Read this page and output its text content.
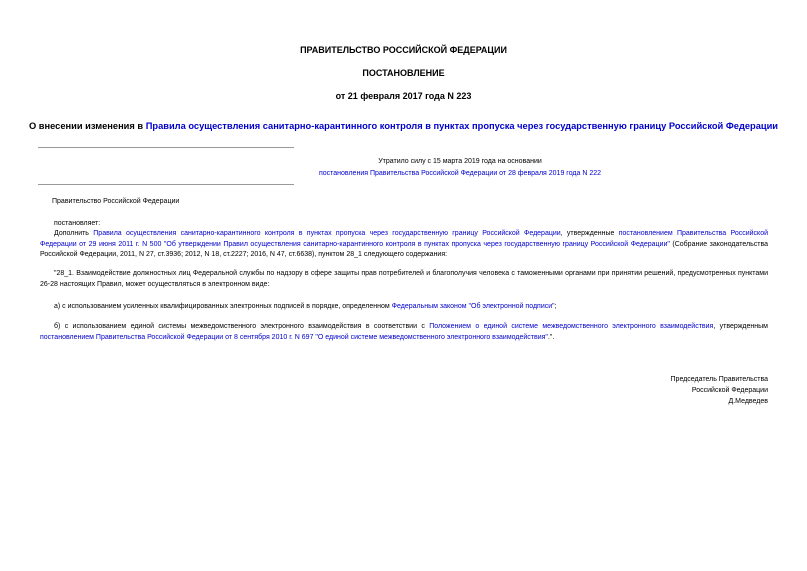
ПРАВИТЕЛЬСТВО РОССИЙСКОЙ ФЕДЕРАЦИИ
ПОСТАНОВЛЕНИЕ
от 21 февраля 2017 года N 223
О внесении изменения в Правила осуществления санитарно-карантинного контроля в пунктах пропуска через государственную границу Российской Федерации
Утратило силу с 15 марта 2019 года на основании
постановления Правительства Российской Федерации от 28 февраля 2019 года N 222
Правительство Российской Федерации
постановляет:
Дополнить Правила осуществления санитарно-карантинного контроля в пунктах пропуска через государственную границу Российской Федерации, утвержденные постановлением Правительства Российской Федерации от 29 июня 2011 г. N 500 "Об утверждении Правил осуществления санитарно-карантинного контроля в пунктах пропуска через государственную границу Российской Федерации" (Собрание законодательства Российской Федерации, 2011, N 27, ст.3936; 2012, N 18, ст.2227; 2016, N 47, ст.6638), пунктом 28_1 следующего содержания:
"28_1. Взаимодействие должностных лиц Федеральной службы по надзору в сфере защиты прав потребителей и благополучия человека с таможенными органами при принятии решений, предусмотренных пунктами 26-28 настоящих Правил, может осуществляться в электронном виде:
а) с использованием усиленных квалифицированных электронных подписей в порядке, определенном Федеральным законом "Об электронной подписи";
б) с использованием единой системы межведомственного электронного взаимодействия в соответствии с Положением о единой системе межведомственного электронного взаимодействия, утвержденным постановлением Правительства Российской Федерации от 8 сентября 2010 г. N 697 "О единой системе межведомственного электронного взаимодействия".".
Председатель Правительства
Российской Федерации
Д.Медведев
